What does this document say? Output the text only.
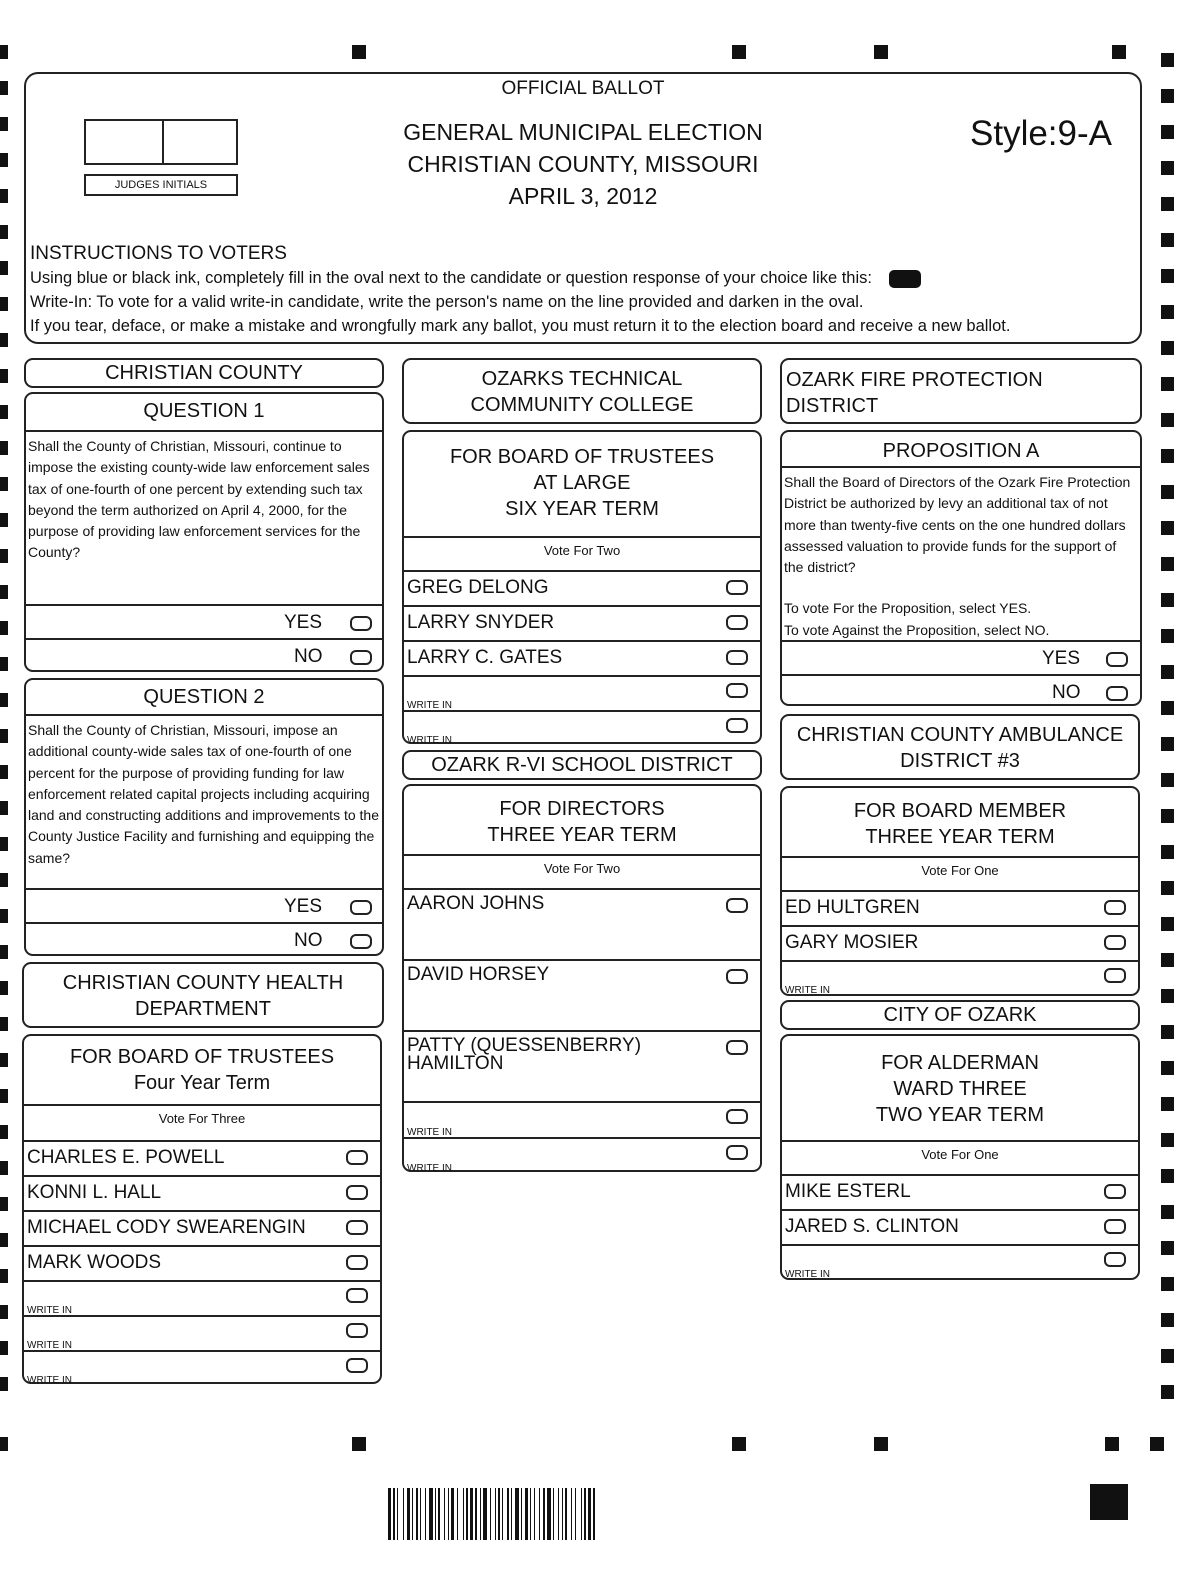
OFFICIAL BALLOT
GENERAL MUNICIPAL ELECTION
CHRISTIAN COUNTY, MISSOURI
APRIL 3, 2012
Style:9-A
JUDGES INITIALS
INSTRUCTIONS TO VOTERS
Using blue or black ink, completely fill in the oval next to the candidate or question response of your choice like this:
Write-In: To vote for a valid write-in candidate, write the person's name on the line provided and darken in the oval.
If you tear, deface, or make a mistake and wrongfully mark any ballot, you must return it to the election board and receive a new ballot.
CHRISTIAN COUNTY
QUESTION 1
Shall the County of Christian, Missouri, continue to impose the existing county-wide law enforcement sales tax of one-fourth of one percent by extending such tax beyond the term authorized on April 4, 2000, for the purpose of providing law enforcement services for the County?
YES
NO
QUESTION 2
Shall the County of Christian, Missouri, impose an additional county-wide sales tax of one-fourth of one percent for the purpose of providing funding for law enforcement related capital projects including acquiring land and constructing additions and improvements to the County Justice Facility and furnishing and equipping the same?
YES
NO
CHRISTIAN COUNTY HEALTH DEPARTMENT
FOR BOARD OF TRUSTEES
Four Year Term
Vote For Three
CHARLES E. POWELL
KONNI L. HALL
MICHAEL CODY SWEARENGIN
MARK WOODS
WRITE IN
WRITE IN
WRITE IN
OZARKS TECHNICAL COMMUNITY COLLEGE
FOR BOARD OF TRUSTEES
AT LARGE
SIX YEAR TERM
Vote For Two
GREG DELONG
LARRY SNYDER
LARRY C. GATES
WRITE IN
WRITE IN
OZARK R-VI SCHOOL DISTRICT
FOR DIRECTORS
THREE YEAR TERM
Vote For Two
AARON JOHNS
DAVID HORSEY
PATTY (QUESSENBERRY) HAMILTON
WRITE IN
WRITE IN
OZARK FIRE PROTECTION DISTRICT
PROPOSITION A
Shall the Board of Directors of the Ozark Fire Protection District be authorized by levy an additional tax of not more than twenty-five cents on the one hundred dollars assessed valuation to provide funds for the support of the district?
To vote For the Proposition, select YES.
To vote Against the Proposition, select NO.
YES
NO
CHRISTIAN COUNTY AMBULANCE DISTRICT #3
FOR BOARD MEMBER
THREE YEAR TERM
Vote For One
ED HULTGREN
GARY MOSIER
WRITE IN
CITY OF OZARK
FOR ALDERMAN
WARD THREE
TWO YEAR TERM
Vote For One
MIKE ESTERL
JARED S. CLINTON
WRITE IN
